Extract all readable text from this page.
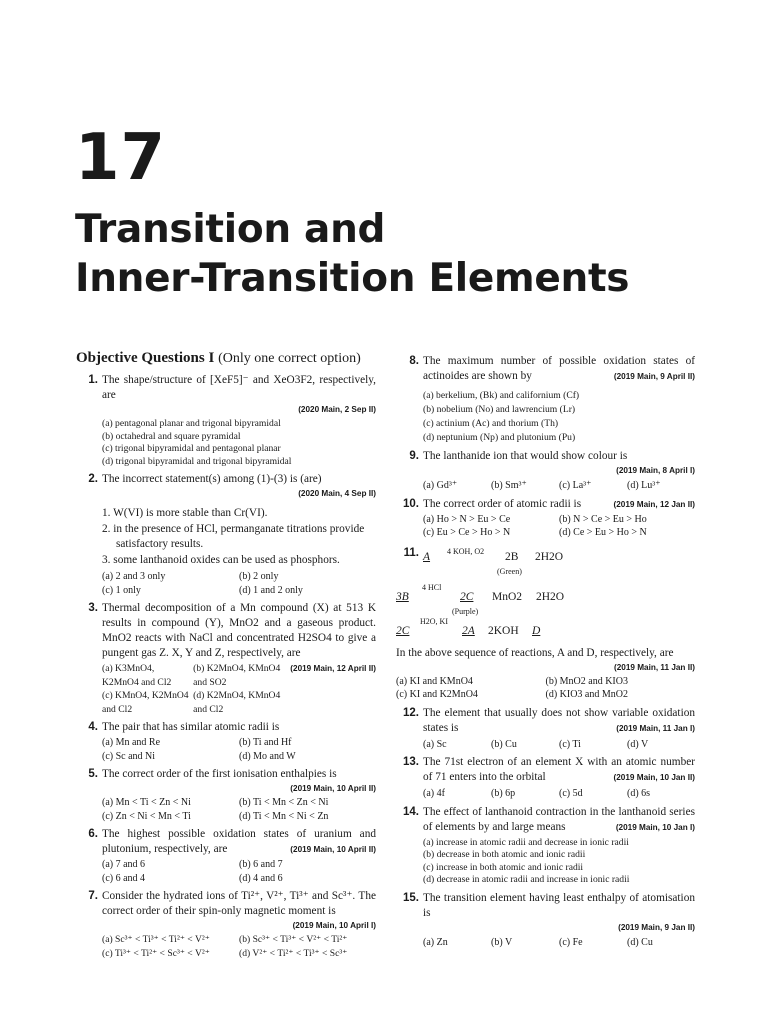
17
Transition and
Inner-Transition Elements
Objective Questions I (Only one correct option)
1. The shape/structure of [XeF5]⁻ and XeO3F2, respectively, are
(2020 Main, 2 Sep II)
(a) pentagonal planar and trigonal bipyramidal
(b) octahedral and square pyramidal
(c) trigonal bipyramidal and pentagonal planar
(d) trigonal bipyramidal and trigonal bipyramidal
2. The incorrect statement(s) among (1)-(3) is (are)
(2020 Main, 4 Sep II)
1. W(VI) is more stable than Cr(VI).
2. in the presence of HCl, permanganate titrations provide satisfactory results.
3. some lanthanoid oxides can be used as phosphors.
(a) 2 and 3 only	(b) 2 only
(c) 1 only	(d) 1 and 2 only
3. Thermal decomposition of a Mn compound (X) at 513 K results in compound (Y), MnO2 and a gaseous product. MnO2 reacts with NaCl and concentrated H2SO4 to give a pungent gas Z. X, Y and Z, respectively, are
(2019 Main, 12 April II)
(a) K3MnO4, K2MnO4 and Cl2
(b) K2MnO4, KMnO4 and SO2
(c) KMnO4, K2MnO4 and Cl2
(d) K2MnO4, KMnO4 and Cl2
4. The pair that has similar atomic radii is
(a) Mn and Re	(b) Ti and Hf
(c) Sc and Ni	(d) Mo and W
5. The correct order of the first ionisation enthalpies is
(2019 Main, 10 April II)
(a) Mn < Ti < Zn < Ni	(b) Ti < Mn < Zn < Ni
(c) Zn < Ni < Mn < Ti	(d) Ti < Mn < Ni < Zn
6. The highest possible oxidation states of uranium and plutonium, respectively, are	(2019 Main, 10 April II)
(a) 7 and 6	(b) 6 and 7
(c) 6 and 4	(d) 4 and 6
7. Consider the hydrated ions of Ti²⁺, V²⁺, Ti³⁺ and Sc³⁺. The correct order of their spin-only magnetic moment is
(2019 Main, 10 April I)
(a) Sc³⁺ < Ti³⁺ < Ti²⁺ < V²⁺	(b) Sc³⁺ < Ti³⁺ < V²⁺ < Ti²⁺
(c) Ti³⁺ < Ti²⁺ < Sc³⁺ < V²⁺	(d) V²⁺ < Ti²⁺ < Ti³⁺ < Sc³⁺
8. The maximum number of possible oxidation states of actinoides are shown by	(2019 Main, 9 April II)
(a) berkelium, (Bk) and californium (Cf)
(b) nobelium (No) and lawrencium (Lr)
(c) actinium (Ac) and thorium (Th)
(d) neptunium (Np) and plutonium (Pu)
9. The lanthanide ion that would show colour is
(2019 Main, 8 April I)
(a) Gd³⁺	(b) Sm³⁺	(c) La³⁺	(d) Lu³⁺
10. The correct order of atomic radii is	(2019 Main, 12 Jan II)
(a) Ho > N > Eu > Ce	(b) N > Ce > Eu > Ho
(c) Eu > Ce > Ho > N	(d) Ce > Eu > Ho > N
11. A 4 KOH, O2 2B
(Green)
2H2O
3B
4 HCl
2C
(Purple)
MnO2 2H2O
2C
H2O, KI
2A 2KOH D
In the above sequence of reactions, A and D, respectively, are
(2019 Main, 11 Jan II)
(a) KI and KMnO4	(b) MnO2 and KIO3
(c) KI and K2MnO4	(d) KIO3 and MnO2
12. The element that usually does not show variable oxidation states is	(2019 Main, 11 Jan I)
(a) Sc	(b) Cu	(c) Ti	(d) V
13. The 71st electron of an element X with an atomic number of 71 enters into the orbital	(2019 Main, 10 Jan II)
(a) 4f	(b) 6p	(c) 5d	(d) 6s
14. The effect of lanthanoid contraction in the lanthanoid series of elements by and large means	(2019 Main, 10 Jan I)
(a) increase in atomic radii and decrease in ionic radii
(b) decrease in both atomic and ionic radii
(c) increase in both atomic and ionic radii
(d) decrease in atomic radii and increase in ionic radii
15. The transition element having least enthalpy of atomisation is
(2019 Main, 9 Jan II)
(a) Zn	(b) V	(c) Fe	(d) Cu
